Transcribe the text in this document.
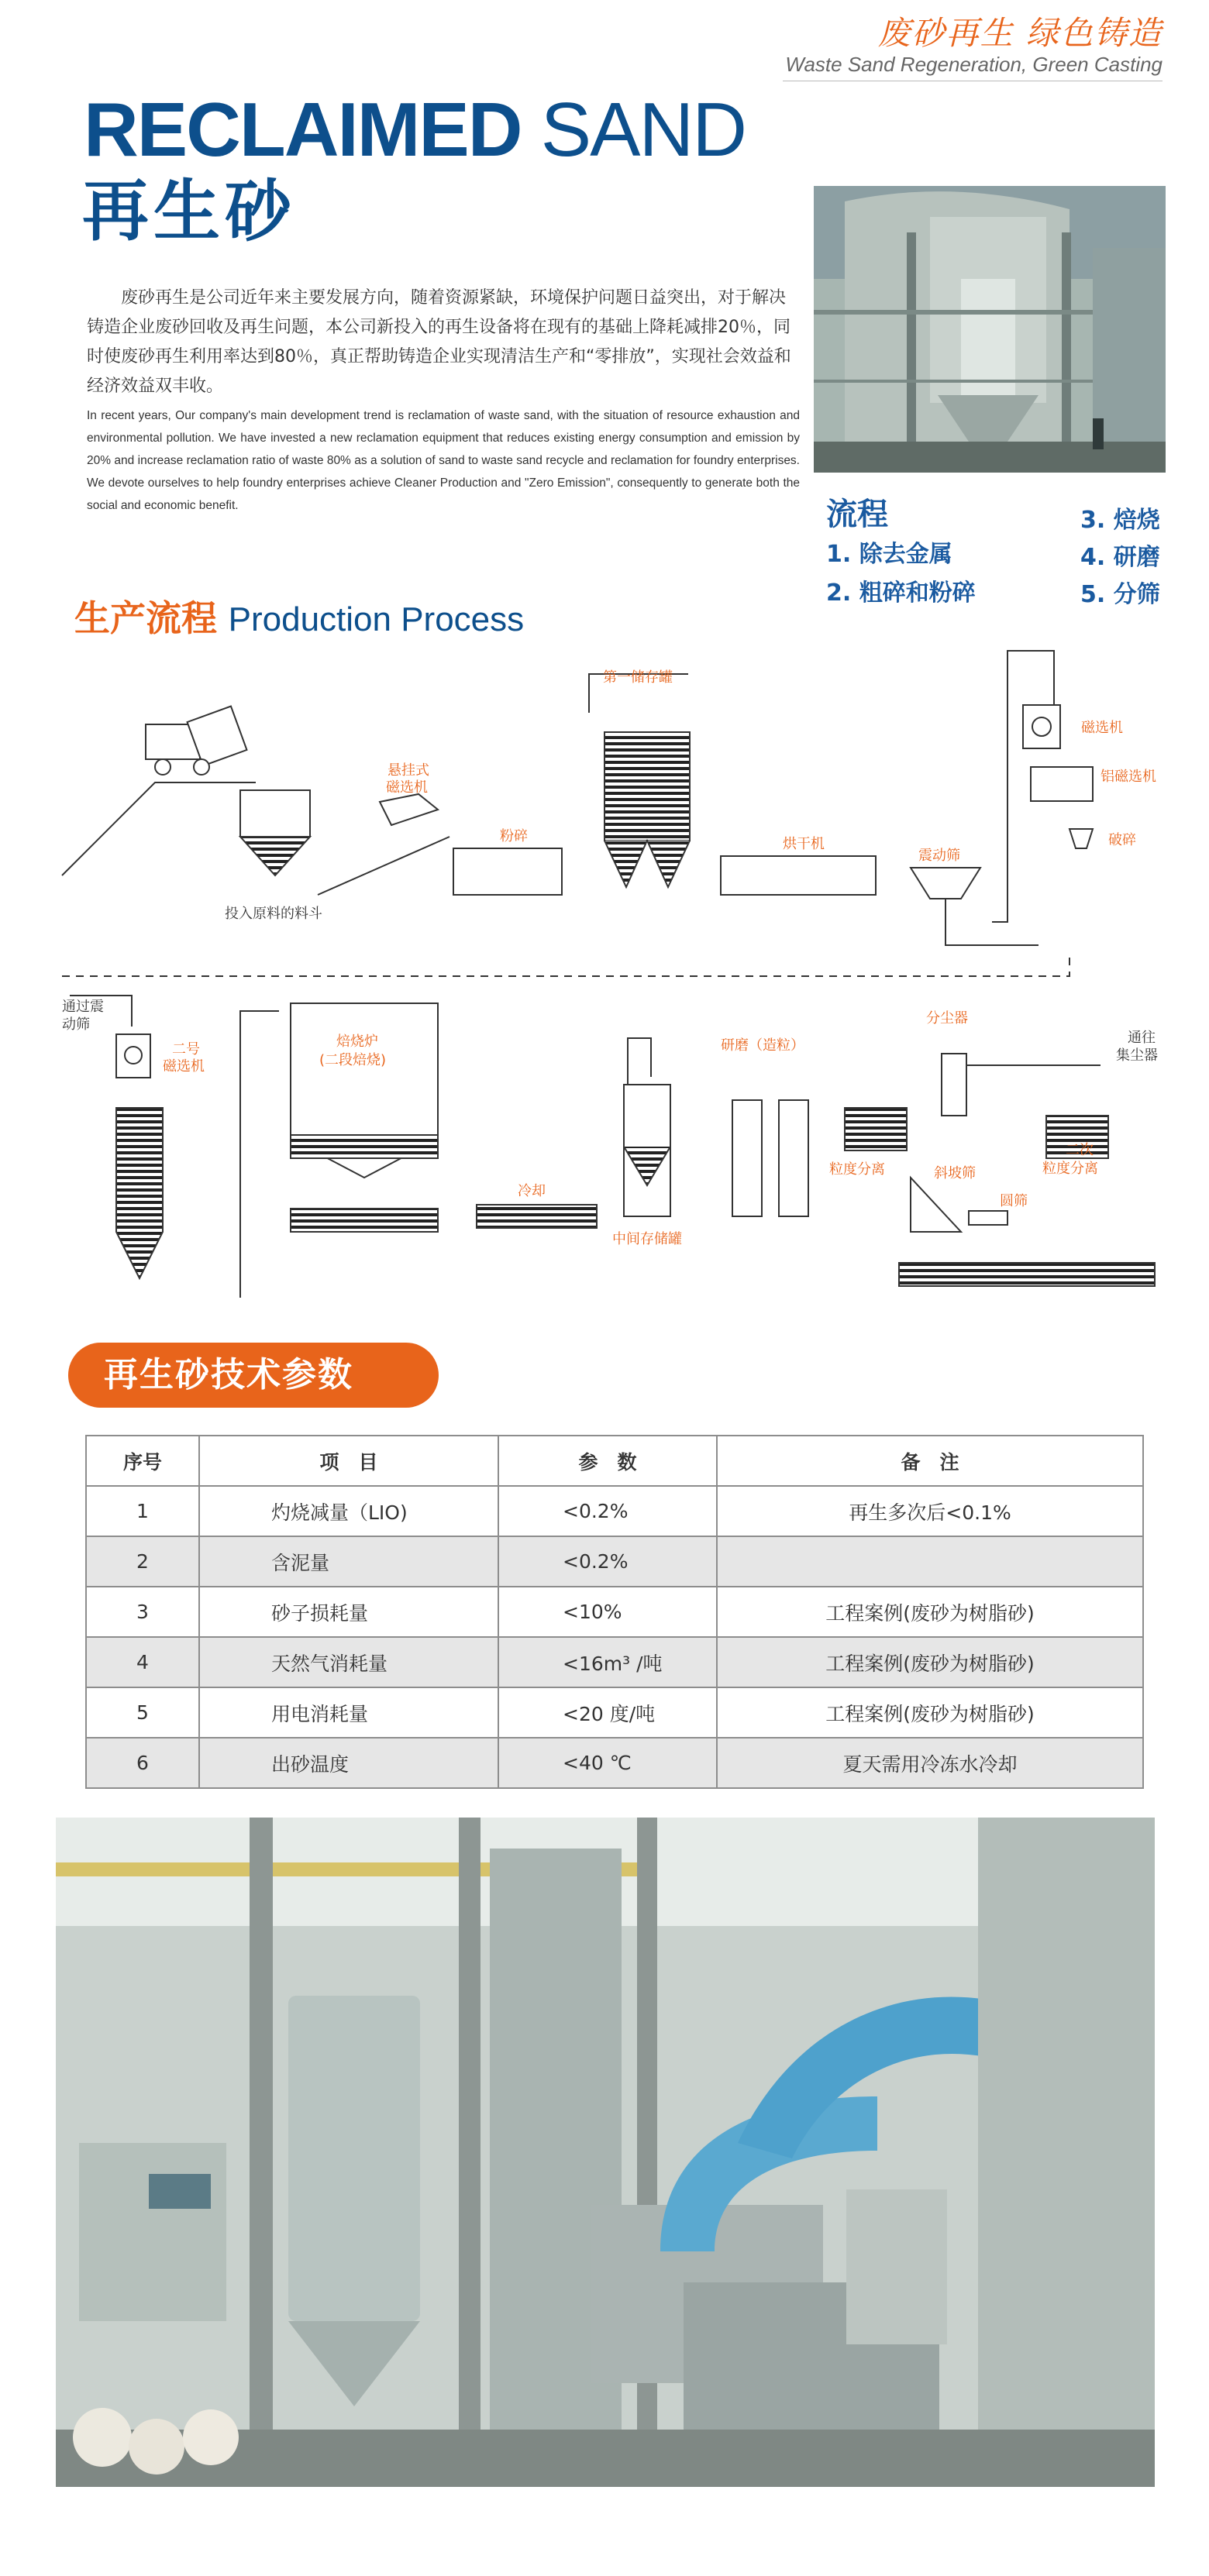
废砂再生 绿色铸造
Waste Sand Regeneration, Green Casting
RECLAIMED SAND
再生砂

废砂再生是公司近年来主要发展方向，随着资源紧缺，环境保护问题日益突出，对于解决铸造企业废砂回收及再生问题，本公司新投入的再生设备将在现有的基础上降耗减排20％，同时使废砂再生利用率达到80％，真正帮助铸造企业实现清洁生产和“零排放”，实现社会效益和经济效益双丰收。

In recent years, Our company's main development trend is reclamation of waste sand, with the situation of resource exhaustion and environmental pollution. We have invested a new reclamation equipment that reduces existing energy consumption and emission by 20% and increase reclamation ratio of waste 80% as a solution of sand to waste sand recycle and reclamation for foundry enterprises. We devote ourselves to help foundry enterprises achieve Cleaner Production and "Zero Emission", consequently to generate both the social and economic benefit.	流程
1. 除去金属
2. 粗碎和粉碎
3. 焙烧
4. 研磨
5. 分筛
生产流程 Production Process
投入原料的料斗
悬挂式
磁选机
粉碎
第一储存罐
烘干机
震动筛
磁选机
铝磁选机
破碎
通过震
动筛
二号
磁选机
焙烧炉
(二段焙烧)
冷却
中间存储罐
研磨（造粒）
分尘器
通往
集尘器
粒度分离
二次
粒度分离
斜坡筛
圆筛
再生砂技术参数
序号	项　目	参　数	备　注
1	灼烧减量（LIO)	<0.2%	再生多次后<0.1%
2	含泥量	<0.2%	
3	砂子损耗量	<10%	工程案例(废砂为树脂砂)
4	天然气消耗量	<16m³ /吨	工程案例(废砂为树脂砂)
5	用电消耗量	<20 度/吨	工程案例(废砂为树脂砂)
6	出砂温度	<40 ℃	夏天需用冷冻水冷却
